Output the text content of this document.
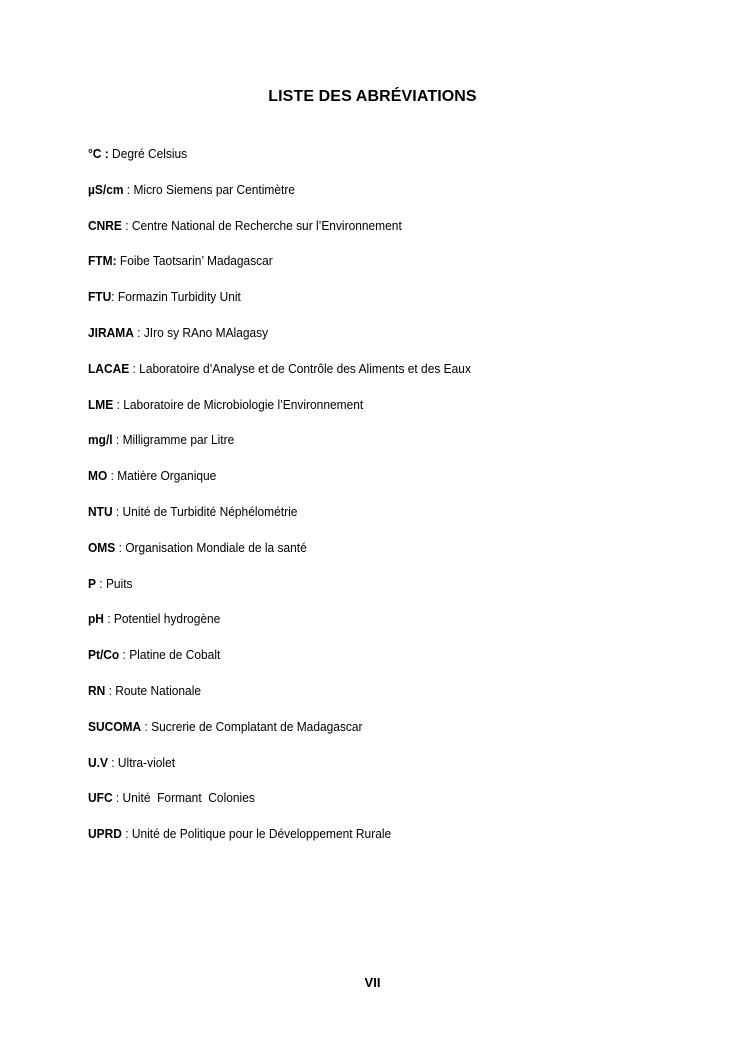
LISTE DES ABRÉVIATIONS
°C : Degré Celsius
µS/cm : Micro Siemens par Centimètre
CNRE : Centre National de Recherche sur l’Environnement
FTM: Foibe Taotsarin’ Madagascar
FTU: Formazin Turbidity Unit
JIRAMA : JIro sy RAno MAlagasy
LACAE : Laboratoire d’Analyse et de Contrôle des Aliments et des Eaux
LME : Laboratoire de Microbiologie l’Environnement
mg/l : Milligramme par Litre
MO : Matière Organique
NTU : Unité de Turbidité Néphélométrie
OMS : Organisation Mondiale de la santé
P : Puits
pH : Potentiel hydrogène
Pt/Co : Platine de Cobalt
RN : Route Nationale
SUCOMA : Sucrerie de Complatant de Madagascar
U.V : Ultra-violet
UFC : Unité  Formant  Colonies
UPRD : Unité de Politique pour le Développement Rurale
VII
